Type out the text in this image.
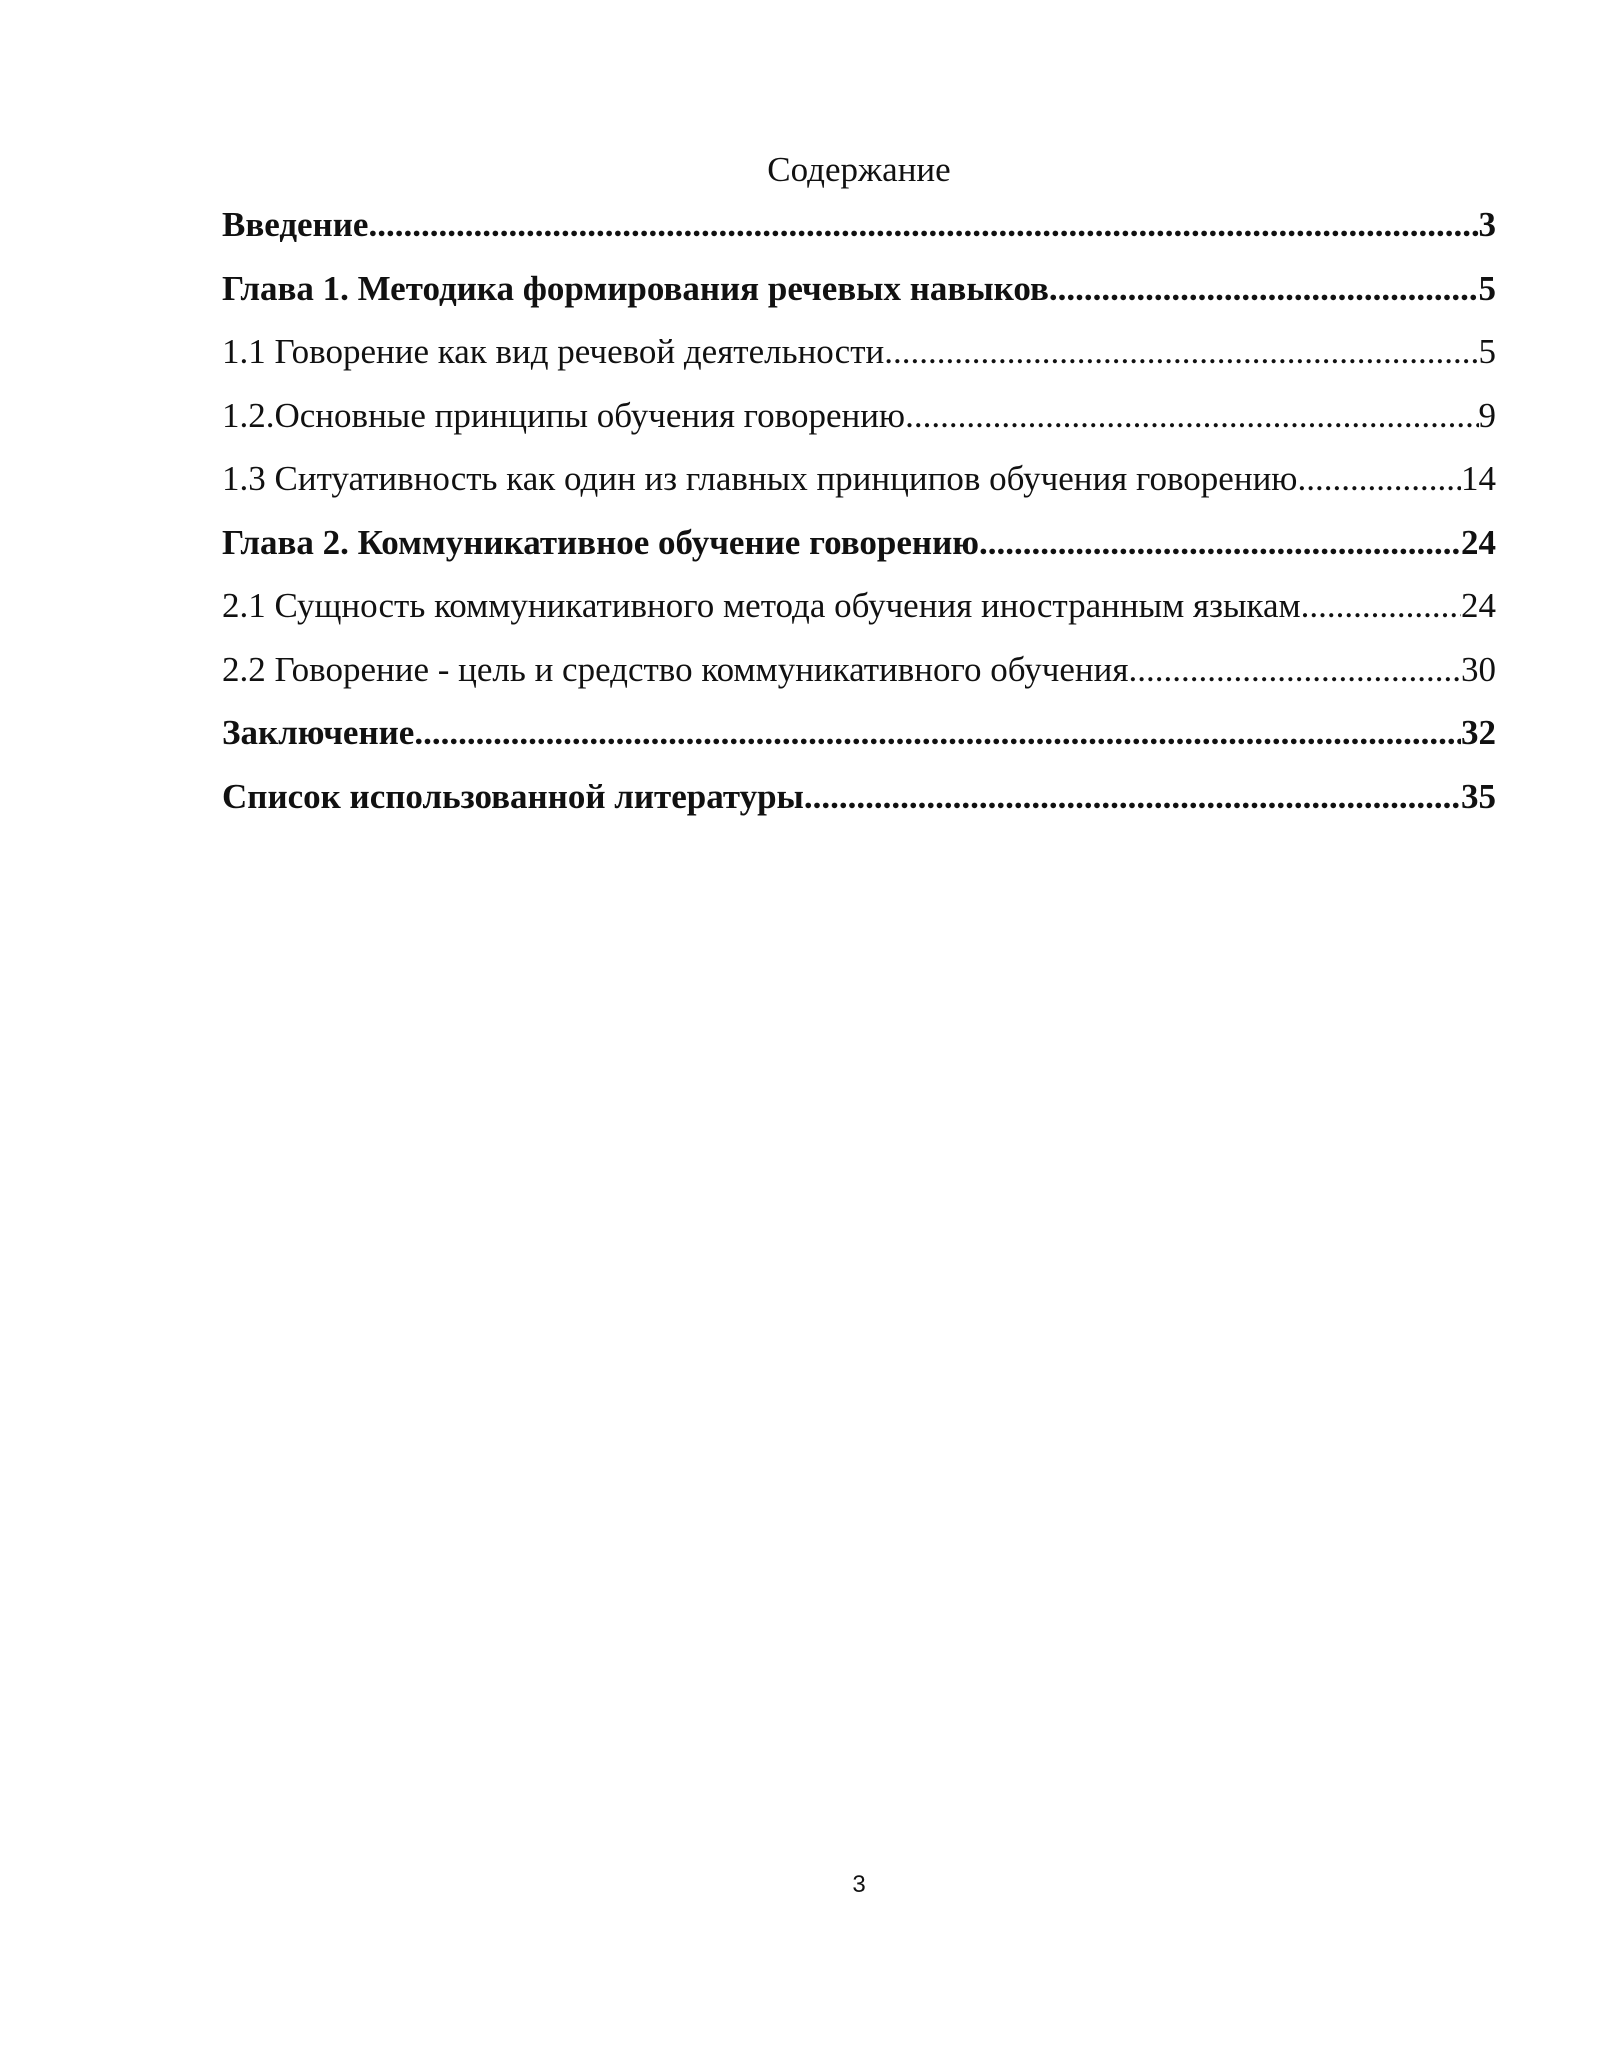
Содержание
Введение .....	3
Глава 1. Методика формирования речевых навыков .....	5
1.1 Говорение как вид речевой деятельности .....	5
1.2.Основные принципы обучения говорению .....	9
1.3 Ситуативность как один из главных принципов обучения говорению .....	14
Глава 2. Коммуникативное обучение говорению .....	24
2.1 Сущность коммуникативного метода обучения иностранным языкам .....	24
2.2 Говорение - цель и средство коммуникативного обучения .....	30
Заключение .....	32
Список использованной литературы .....	35
3
